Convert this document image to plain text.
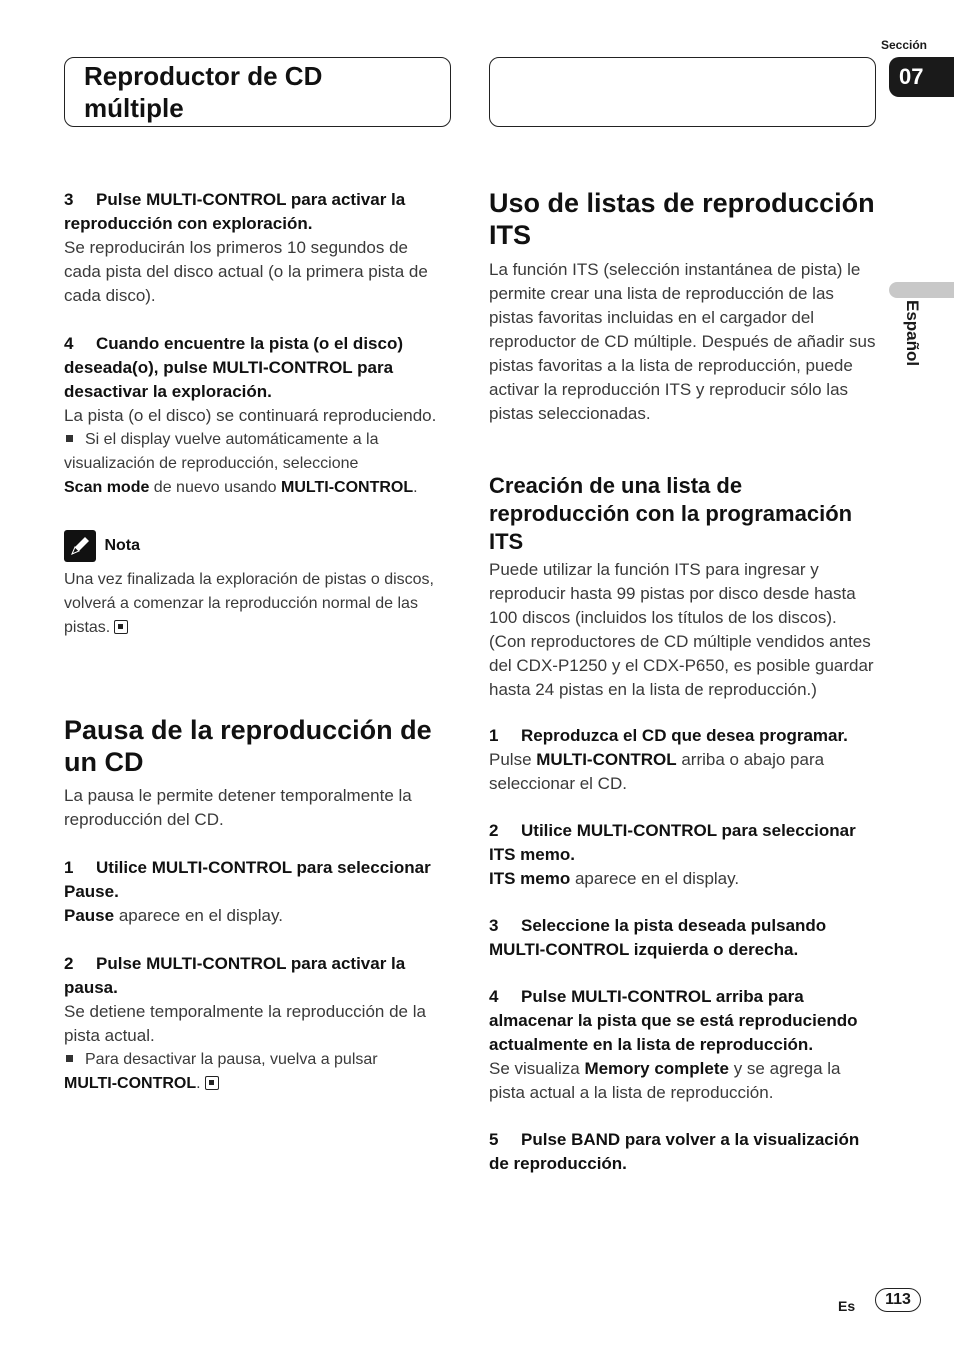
Reproductor de CD múltiple
Sección
07
Español

3 Pulse MULTI-CONTROL para activar la reproducción con exploración.

Se reproducirán los primeros 10 segundos de cada pista del disco actual (o la primera pista de cada disco).

4 Cuando encuentre la pista (o el disco) deseada(o), pulse MULTI-CONTROL para desactivar la exploración.

La pista (o el disco) se continuará reproduciendo.

Si el display vuelve automáticamente a la visualización de reproducción, seleccione

Scan mode de nuevo usando MULTI-CONTROL.

Nota

Una vez finalizada la exploración de pistas o discos, volverá a comenzar la reproducción normal de las pistas.

Pausa de la reproducción de un CD

La pausa le permite detener temporalmente la reproducción del CD.

1 Utilice MULTI-CONTROL para seleccionar Pause.

Pause aparece en el display.

2 Pulse MULTI-CONTROL para activar la pausa.

Se detiene temporalmente la reproducción de la pista actual.

Para desactivar la pausa, vuelva a pulsar

MULTI-CONTROL.

Uso de listas de reproducción ITS

La función ITS (selección instantánea de pista) le permite crear una lista de reproducción de las pistas favoritas incluidas en el cargador del reproductor de CD múltiple. Después de añadir sus pistas favoritas a la lista de reproducción, puede activar la reproducción ITS y reproducir sólo las pistas seleccionadas.

Creación de una lista de reproducción con la programación ITS

Puede utilizar la función ITS para ingresar y reproducir hasta 99 pistas por disco desde hasta 100 discos (incluidos los títulos de los discos). (Con reproductores de CD múltiple vendidos antes del CDX-P1250 y el CDX-P650, es posible guardar hasta 24 pistas en la lista de reproducción.)

1 Reproduzca el CD que desea programar.

Pulse MULTI-CONTROL arriba o abajo para seleccionar el CD.

2 Utilice MULTI-CONTROL para seleccionar ITS memo.

ITS memo aparece en el display.

3 Seleccione la pista deseada pulsando MULTI-CONTROL izquierda o derecha.

4 Pulse MULTI-CONTROL arriba para almacenar la pista que se está reproduciendo actualmente en la lista de reproducción.

Se visualiza Memory complete y se agrega la pista actual a la lista de reproducción.

5 Pulse BAND para volver a la visualización de reproducción.

Es	113
